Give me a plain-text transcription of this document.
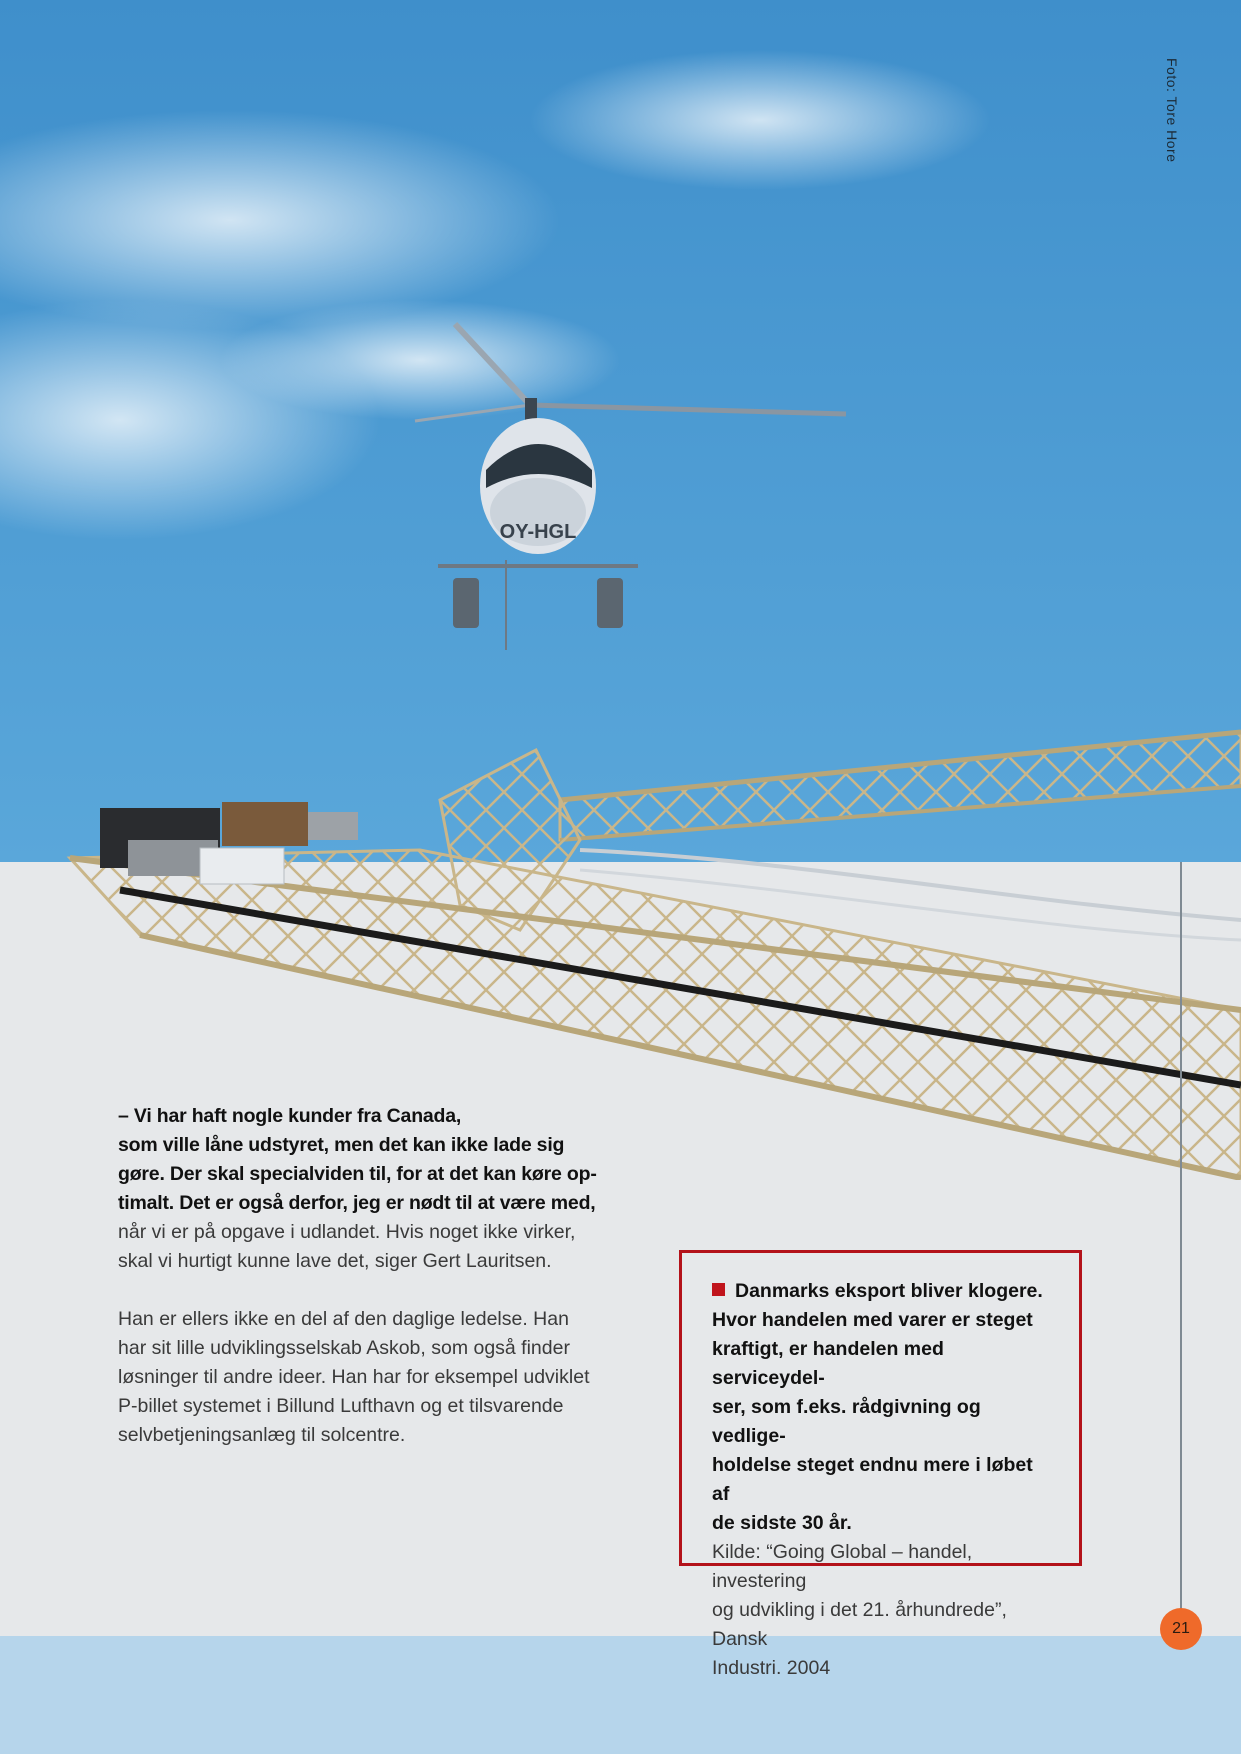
OY-HGL
Foto: Tore Hore

– Vi har haft nogle kunder fra Canada,

som ville låne udstyret, men det kan ikke lade sig

gøre. Der skal specialviden til, for at det kan køre op-

timalt. Det er også derfor, jeg er nødt til at være med,

når vi er på opgave i udlandet. Hvis noget ikke virker,

skal vi hurtigt kunne lave det, siger Gert Lauritsen.

Han er ellers ikke en del af den daglige ledelse. Han

har sit lille udviklingsselskab Askob, som også finder

løsninger til andre ideer. Han har for eksempel udviklet

P-billet systemet i Billund Lufthavn og et tilsvarende

selvbetjeningsanlæg til solcentre.

Danmarks eksport bliver klogere.

Hvor handelen med varer er steget

kraftigt, er handelen med serviceydel-

ser, som f.eks. rådgivning og vedlige-

holdelse steget endnu mere i løbet af

de sidste 30 år.

Kilde: “Going Global – handel, investering

og udvikling i det 21. århundrede”, Dansk

Industri. 2004

21
